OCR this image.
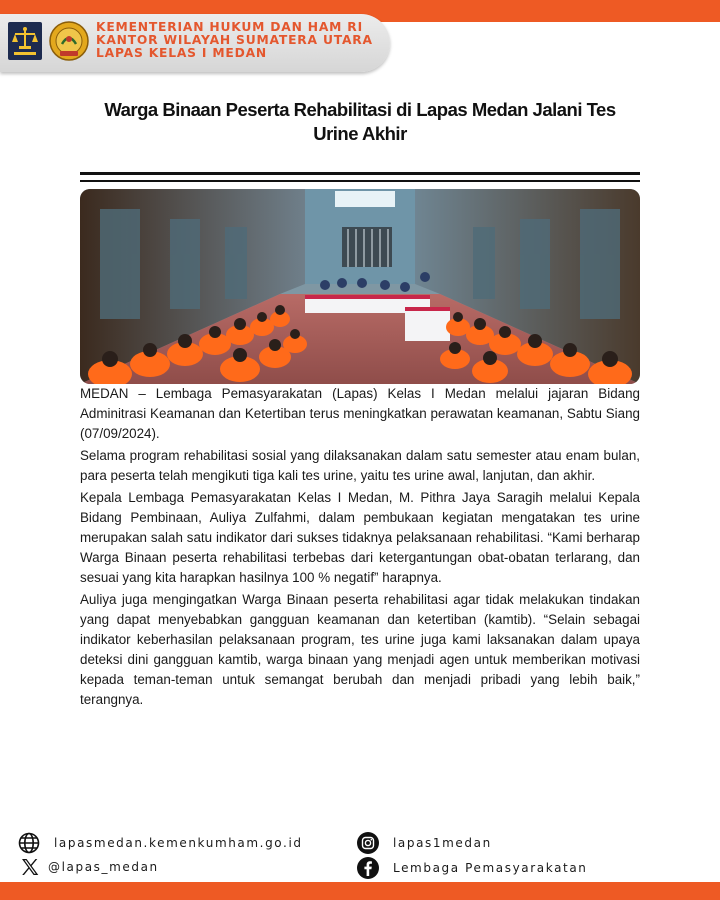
KEMENTERIAN HUKUM DAN HAM RI
KANTOR WILAYAH SUMATERA UTARA
LAPAS KELAS I MEDAN
Warga Binaan Peserta Rehabilitasi di Lapas Medan Jalani Tes Urine Akhir

MEDAN – Lembaga Pemasyarakatan (Lapas) Kelas I Medan melalui jajaran Bidang Adminitrasi Keamanan dan Ketertiban terus meningkatkan perawatan keamanan, Sabtu Siang (07/09/2024).

Selama program rehabilitasi sosial yang dilaksanakan dalam satu semester atau enam bulan, para peserta telah mengikuti tiga kali tes urine, yaitu tes urine awal, lanjutan, dan akhir.

Kepala Lembaga Pemasyarakatan Kelas I Medan, M. Pithra Jaya Saragih melalui Kepala Bidang Pembinaan, Auliya Zulfahmi, dalam pembukaan kegiatan mengatakan tes urine merupakan salah satu indikator dari sukses tidaknya pelaksanaan rehabilitasi. “Kami berharap Warga Binaan peserta rehabilitasi terbebas dari ketergantungan obat-obatan terlarang, dan sesuai yang kita harapkan hasilnya 100 % negatif” harapnya.

Auliya juga mengingatkan Warga Binaan peserta rehabilitasi agar tidak melakukan tindakan yang dapat menyebabkan gangguan keamanan dan ketertiban (kamtib). “Selain sebagai indikator keberhasilan pelaksanaan program, tes urine juga kami laksanakan dalam upaya deteksi dini gangguan kamtib, warga binaan yang menjadi agen untuk memberikan motivasi kepada teman-teman untuk semangat berubah dan menjadi pribadi yang lebih baik,” terangnya.

lapasmedan.kemenkumham.go.id
@lapas_medan
lapas1medan
Lembaga Pemasyarakatan
